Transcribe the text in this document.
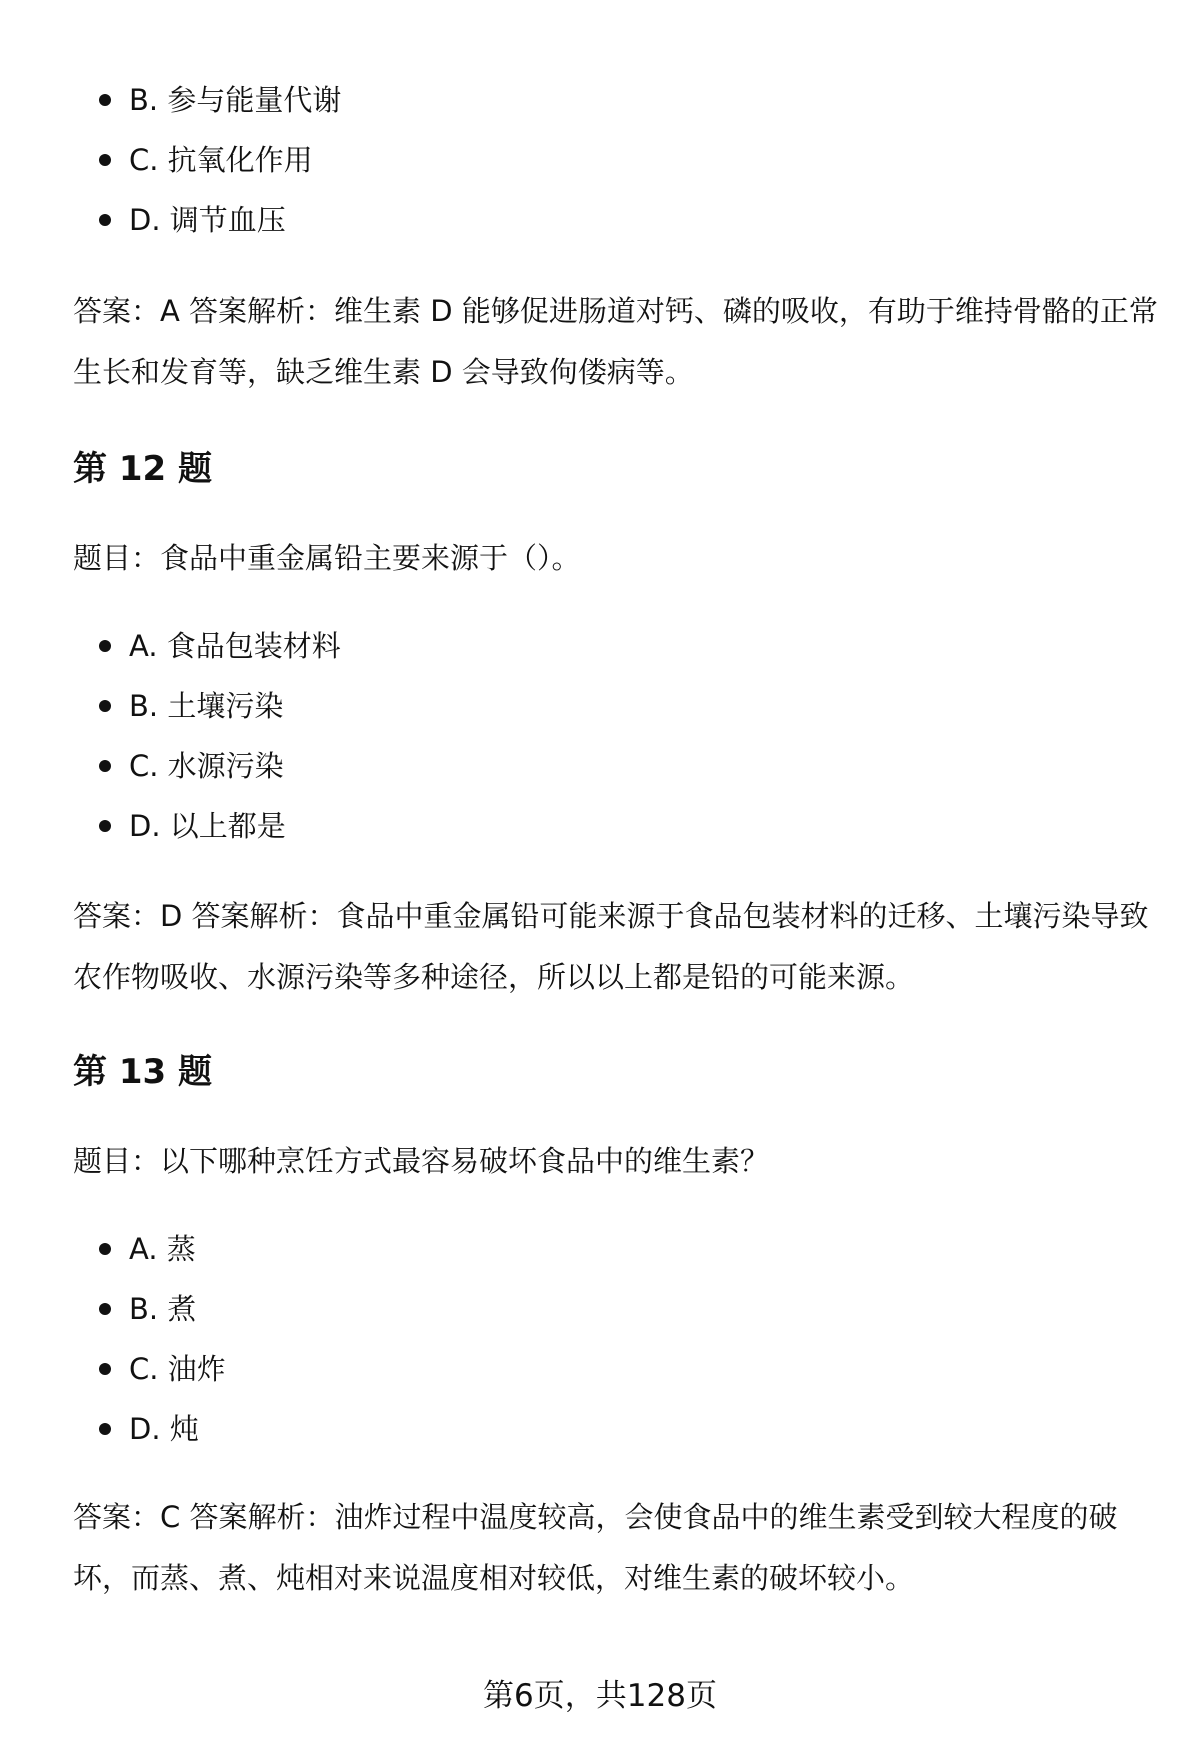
B. 参与能量代谢
C. 抗氧化作用
D. 调节血压

答案：A 答案解析：维生素 D 能够促进肠道对钙、磷的吸收，有助于维持骨骼的正常生长和发育等，缺乏维生素 D 会导致佝偻病等。

第 12 题

题目：食品中重金属铅主要来源于（）。

A. 食品包装材料
B. 土壤污染
C. 水源污染
D. 以上都是

答案：D 答案解析：食品中重金属铅可能来源于食品包装材料的迁移、土壤污染导致农作物吸收、水源污染等多种途径，所以以上都是铅的可能来源。

第 13 题

题目：以下哪种烹饪方式最容易破坏食品中的维生素？

A. 蒸
B. 煮
C. 油炸
D. 炖

答案：C 答案解析：油炸过程中温度较高，会使食品中的维生素受到较大程度的破坏，而蒸、煮、炖相对来说温度相对较低，对维生素的破坏较小。

第6页，共128页
